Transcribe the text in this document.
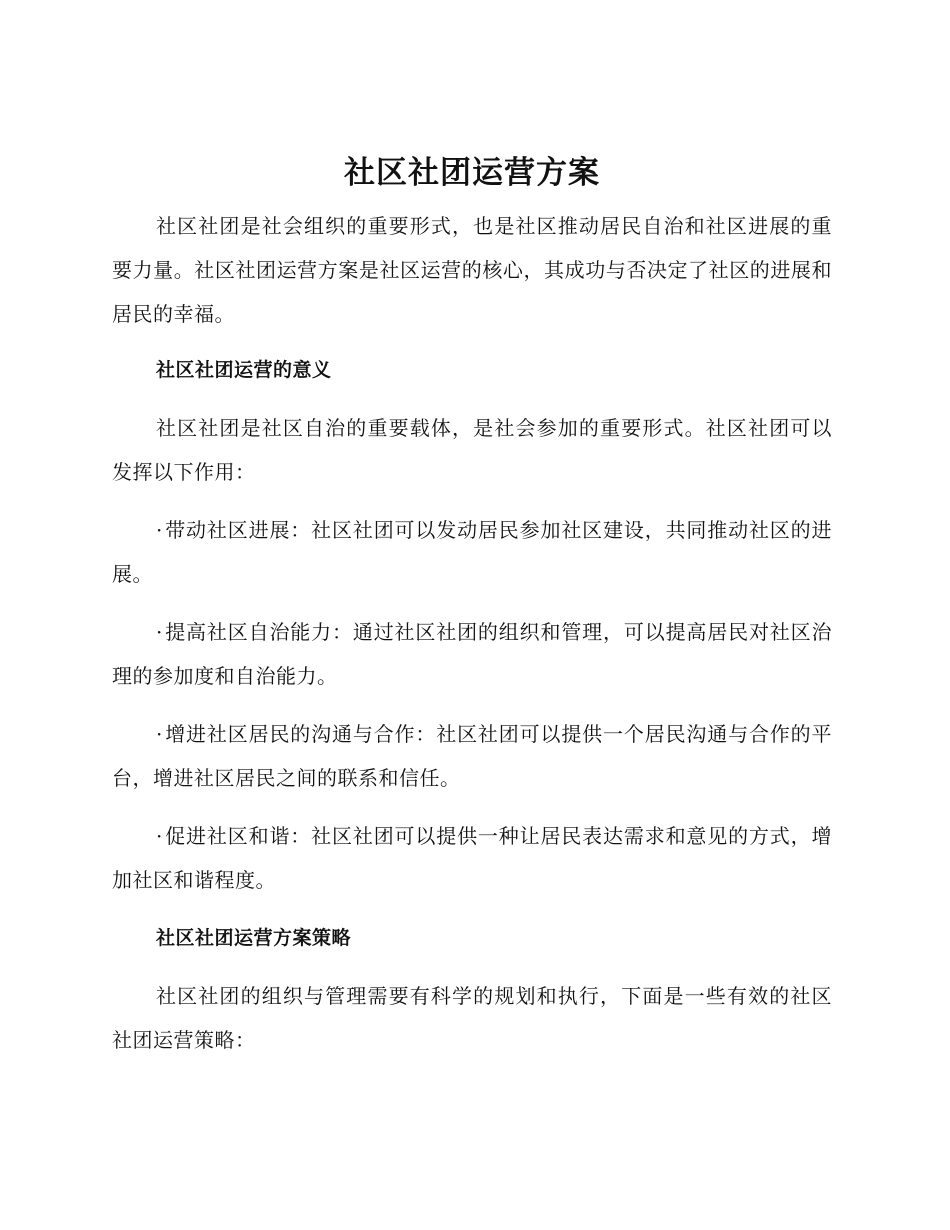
社区社团运营方案

社区社团是社会组织的重要形式，也是社区推动居民自治和社区进展的重要力量。社区社团运营方案是社区运营的核心，其成功与否决定了社区的进展和居民的幸福。

社区社团运营的意义

社区社团是社区自治的重要载体，是社会参加的重要形式。社区社团可以发挥以下作用：

· 带动社区进展：社区社团可以发动居民参加社区建设，共同推动社区的进展。

· 提高社区自治能力：通过社区社团的组织和管理，可以提高居民对社区治理的参加度和自治能力。

· 增进社区居民的沟通与合作：社区社团可以提供一个居民沟通与合作的平台，增进社区居民之间的联系和信任。

· 促进社区和谐：社区社团可以提供一种让居民表达需求和意见的方式，增加社区和谐程度。

社区社团运营方案策略

社区社团的组织与管理需要有科学的规划和执行，下面是一些有效的社区社团运营策略：
